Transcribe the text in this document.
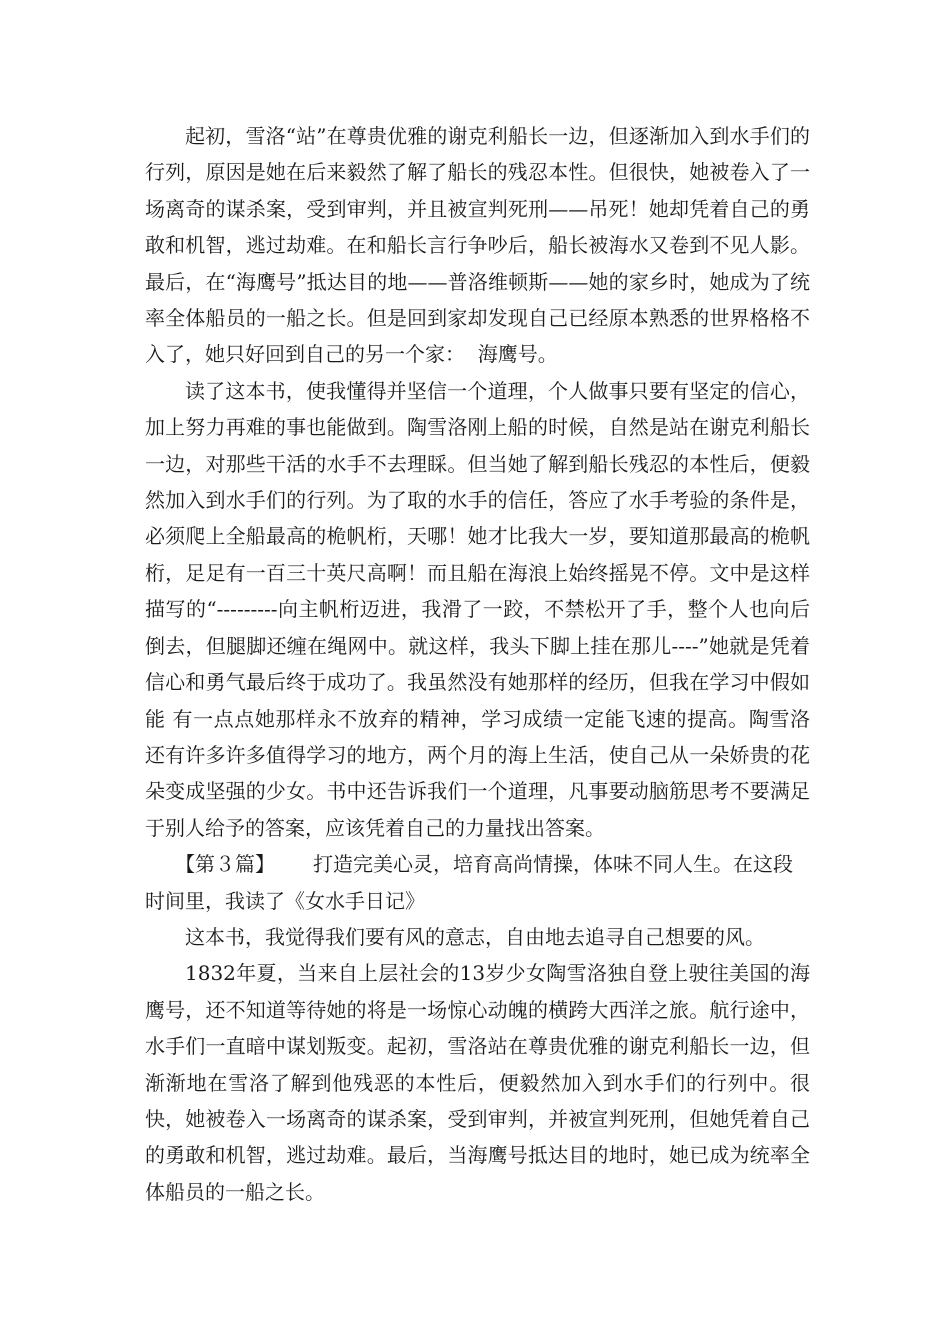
起初，雪洛“站”在尊贵优雅的谢克利船长一边，但逐渐加入到水手们的行列，原因是她在后来毅然了解了船长的残忍本性。但很快，她被卷入了一场离奇的谋杀案，受到审判，并且被宣判死刑——吊死！她却凭着自己的勇敢和机智，逃过劫难。在和船长言行争吵后，船长被海水又卷到不见人影。最后，在“海鹰号”抵达目的地——普洛维顿斯——她的家乡时，她成为了统率全体船员的一船之长。但是回到家却发现自己已经原本熟悉的世界格格不入了，她只好回到自己的另一个家：  海鹰号。

读了这本书，使我懂得并坚信一个道理，个人做事只要有坚定的信心，加上努力再难的事也能做到。陶雪洛刚上船的时候，自然是站在谢克利船长一边，对那些干活的水手不去理睬。但当她了解到船长残忍的本性后，便毅然加入到水手们的行列。为了取的水手的信任，答应了水手考验的条件是，必须爬上全船最高的桅帆桁，天哪！她才比我大一岁，要知道那最高的桅帆桁，足足有一百三十英尺高啊！而且船在海浪上始终摇晃不停。文中是这样描写的“---------向主帆桁迈进，我滑了一跤，不禁松开了手，整个人也向后倒去，但腿脚还缠在绳网中。就这样，我头下脚上挂在那儿----”她就是凭着信心和勇气最后终于成功了。我虽然没有她那样的经历，但我在学习中假如能 有一点点她那样永不放弃的精神，学习成绩一定能飞速的提高。陶雪洛还有许多许多值得学习的地方，两个月的海上生活，使自己从一朵娇贵的花朵变成坚强的少女。书中还告诉我们一个道理，凡事要动脑筋思考不要满足于别人给予的答案，应该凭着自己的力量找出答案。

【第３篇】 打造完美心灵，培育高尚情操，体味不同人生。在这段时间里，我读了《女水手日记》

这本书，我觉得我们要有风的意志，自由地去追寻自己想要的风。

1832年夏，当来自上层社会的13岁少女陶雪洛独自登上驶往美国的海鹰号，还不知道等待她的将是一场惊心动魄的横跨大西洋之旅。航行途中，水手们一直暗中谋划叛变。起初，雪洛站在尊贵优雅的谢克利船长一边，但渐渐地在雪洛了解到他残恶的本性后，便毅然加入到水手们的行列中。很快，她被卷入一场离奇的谋杀案，受到审判，并被宣判死刑，但她凭着自己的勇敢和机智，逃过劫难。最后，当海鹰号抵达目的地时，她已成为统率全体船员的一船之长。
